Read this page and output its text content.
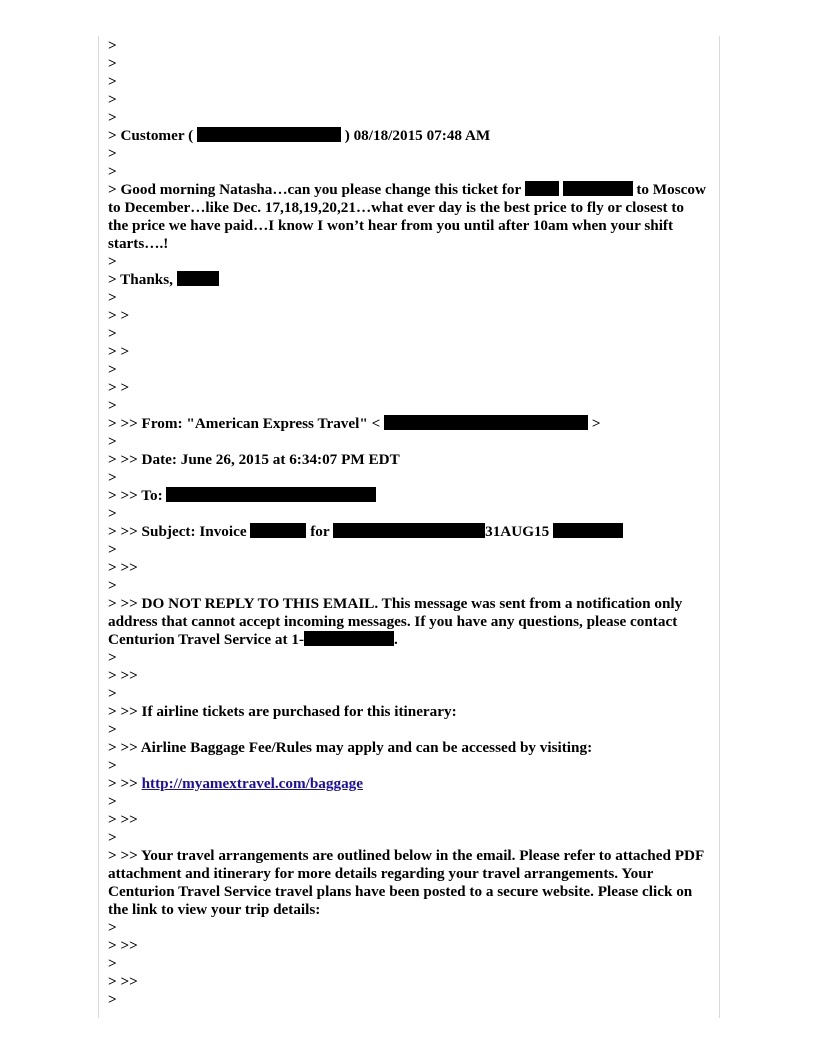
>
>
>
>
>
> Customer (	) 08/18/2015 07:48 AM
>
>
> Good morning Natasha…can you please change this ticket for	to Moscow to December…like Dec. 17,18,19,20,21…what ever day is the best price to fly or closest to the price we have paid…I know I won’t hear from you until after 10am when your shift starts….!
>
> Thanks,
>
> >
>
> >
>
> >
>
> >> From: "American Express Travel" <	>
>
> >> Date: June 26, 2015 at 6:34:07 PM EDT
>
> >> To:
>
> >> Subject: Invoice	for	31AUG15
>
> >>
>
> >> DO NOT REPLY TO THIS EMAIL. This message was sent from a notification only address that cannot accept incoming messages. If you have any questions, please contact Centurion Travel Service at 1-	.
>
> >>
>
> >> If airline tickets are purchased for this itinerary:
>
> >> Airline Baggage Fee/Rules may apply and can be accessed by visiting:
>
> >> http://myamextravel.com/baggage
>
> >>
>
> >> Your travel arrangements are outlined below in the email. Please refer to attached PDF attachment and itinerary for more details regarding your travel arrangements. Your Centurion Travel Service travel plans have been posted to a secure website. Please click on the link to view your trip details:
>
> >>
>
> >>
>
